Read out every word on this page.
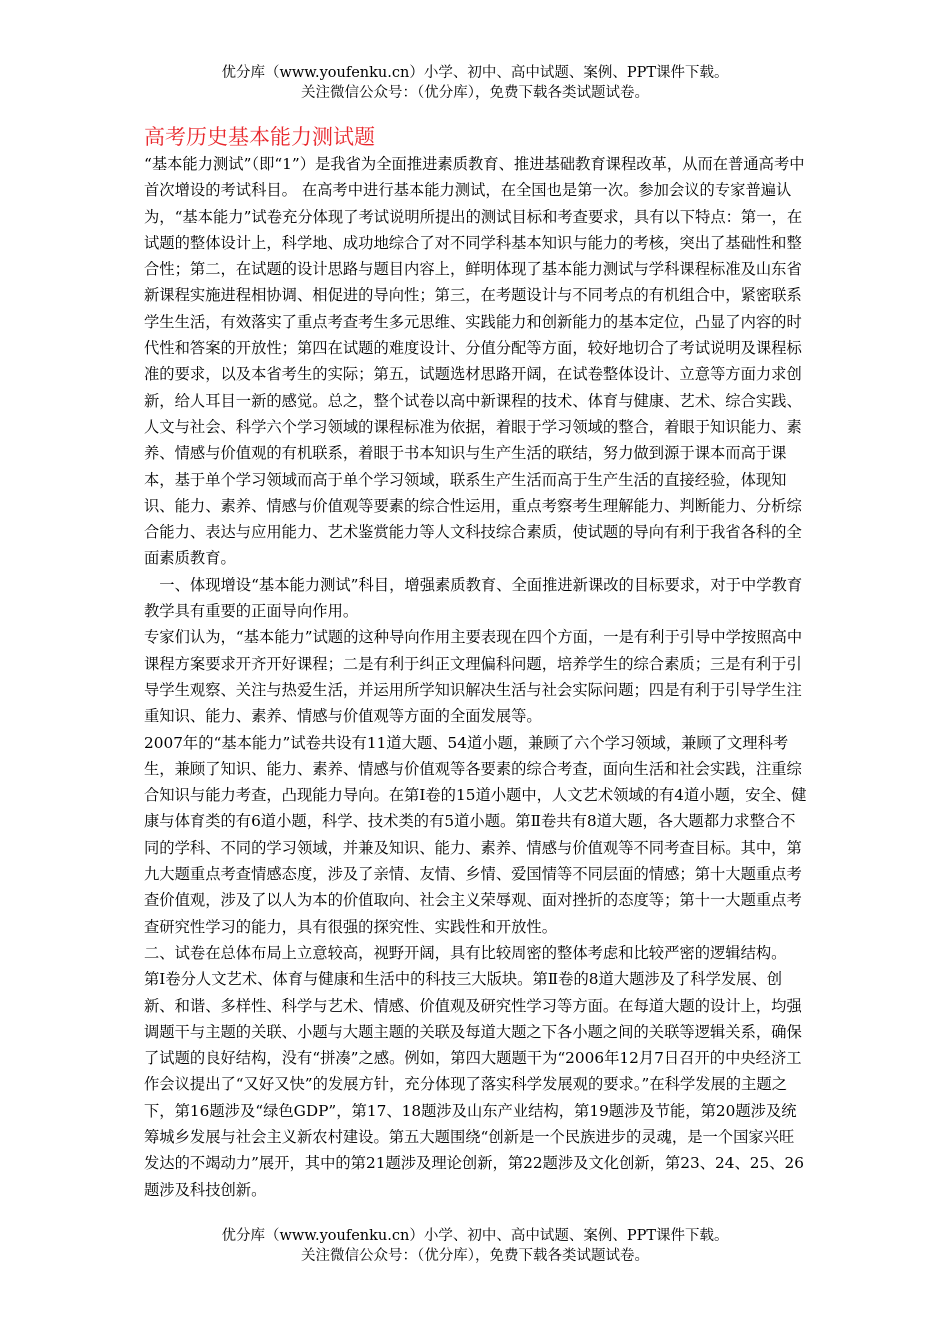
优分库（www.youfenku.cn）小学、初中、高中试题、案例、PPT课件下载。
关注微信公众号：（优分库），免费下载各类试题试卷。
高考历史基本能力测试题

“基本能力测试”（即“1”）是我省为全面推进素质教育、推进基础教育课程改革，从而在普通高考中首次增设的考试科目。 在高考中进行基本能力测试，在全国也是第一次。参加会议的专家普遍认为，“基本能力”试卷充分体现了考试说明所提出的测试目标和考查要求，具有以下特点：第一，在试题的整体设计上，科学地、成功地综合了对不同学科基本知识与能力的考核，突出了基础性和整合性；第二，在试题的设计思路与题目内容上，鲜明体现了基本能力测试与学科课程标准及山东省新课程实施进程相协调、相促进的导向性；第三，在考题设计与不同考点的有机组合中，紧密联系学生生活，有效落实了重点考查考生多元思维、实践能力和创新能力的基本定位，凸显了内容的时代性和答案的开放性；第四在试题的难度设计、分值分配等方面，较好地切合了考试说明及课程标准的要求，以及本省考生的实际；第五，试题选材思路开阔，在试卷整体设计、立意等方面力求创新，给人耳目一新的感觉。总之，整个试卷以高中新课程的技术、体育与健康、艺术、综合实践、人文与社会、科学六个学习领域的课程标准为依据，着眼于学习领域的整合，着眼于知识能力、素养、情感与价值观的有机联系，着眼于书本知识与生产生活的联结，努力做到源于课本而高于课本，基于单个学习领域而高于单个学习领域，联系生产生活而高于生产生活的直接经验，体现知识、能力、素养、情感与价值观等要素的综合性运用，重点考察考生理解能力、判断能力、分析综合能力、表达与应用能力、艺术鉴赏能力等人文科技综合素质，使试题的导向有利于我省各科的全面素质教育。

　一、体现增设“基本能力测试”科目，增强素质教育、全面推进新课改的目标要求，对于中学教育教学具有重要的正面导向作用。

专家们认为，“基本能力”试题的这种导向作用主要表现在四个方面，一是有利于引导中学按照高中课程方案要求开齐开好课程；二是有利于纠正文理偏科问题，培养学生的综合素质；三是有利于引导学生观察、关注与热爱生活，并运用所学知识解决生活与社会实际问题；四是有利于引导学生注重知识、能力、素养、情感与价值观等方面的全面发展等。

2007年的“基本能力”试卷共设有11道大题、54道小题，兼顾了六个学习领域，兼顾了文理科考生，兼顾了知识、能力、素养、情感与价值观等各要素的综合考查，面向生活和社会实践，注重综合知识与能力考查，凸现能力导向。在第Ⅰ卷的15道小题中，人文艺术领域的有4道小题，安全、健康与体育类的有6道小题，科学、技术类的有5道小题。第Ⅱ卷共有8道大题，各大题都力求整合不同的学科、不同的学习领域，并兼及知识、能力、素养、情感与价值观等不同考查目标。其中，第九大题重点考查情感态度，涉及了亲情、友情、乡情、爱国情等不同层面的情感；第十大题重点考查价值观，涉及了以人为本的价值取向、社会主义荣辱观、面对挫折的态度等；第十一大题重点考查研究性学习的能力，具有很强的探究性、实践性和开放性。

二、试卷在总体布局上立意较高，视野开阔，具有比较周密的整体考虑和比较严密的逻辑结构。

第Ⅰ卷分人文艺术、体育与健康和生活中的科技三大版块。第Ⅱ卷的8道大题涉及了科学发展、创新、和谐、多样性、科学与艺术、情感、价值观及研究性学习等方面。在每道大题的设计上，均强调题干与主题的关联、小题与大题主题的关联及每道大题之下各小题之间的关联等逻辑关系，确保了试题的良好结构，没有“拼凑”之感。例如，第四大题题干为“2006年12月7日召开的中央经济工作会议提出了“又好又快”的发展方针，充分体现了落实科学发展观的要求。”在科学发展的主题之下，第16题涉及“绿色GDP”，第17、18题涉及山东产业结构，第19题涉及节能，第20题涉及统筹城乡发展与社会主义新农村建设。第五大题围绕“创新是一个民族进步的灵魂，是一个国家兴旺发达的不竭动力”展开，其中的第21题涉及理论创新，第22题涉及文化创新，第23、24、25、26题涉及科技创新。

优分库（www.youfenku.cn）小学、初中、高中试题、案例、PPT课件下载。
关注微信公众号：（优分库），免费下载各类试题试卷。
